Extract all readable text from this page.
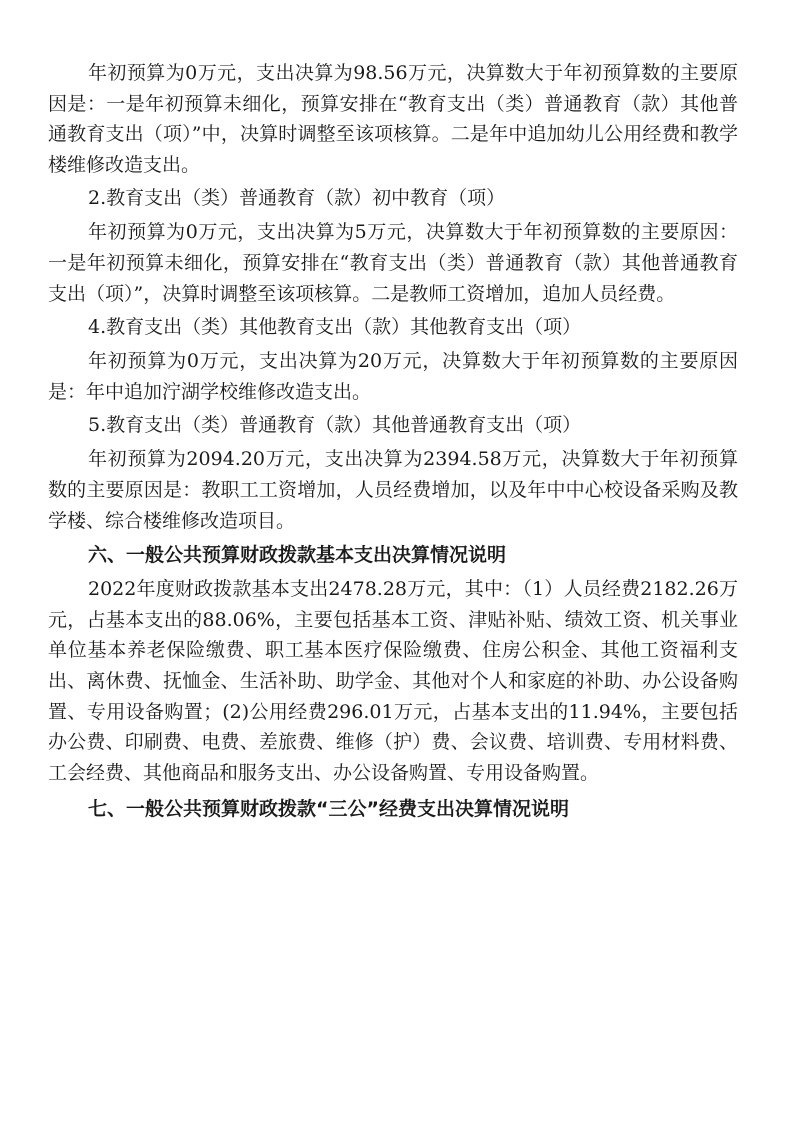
年初预算为0万元，支出决算为98.56万元，决算数大于年初预算数的主要原因是：一是年初预算未细化，预算安排在“教育支出（类）普通教育（款）其他普通教育支出（项）”中，决算时调整至该项核算。二是年中追加幼儿公用经费和教学楼维修改造支出。

2.教育支出（类）普通教育（款）初中教育（项）

年初预算为0万元，支出决算为5万元，决算数大于年初预算数的主要原因：一是年初预算未细化，预算安排在“教育支出（类）普通教育（款）其他普通教育支出（项）”，决算时调整至该项核算。二是教师工资增加，追加人员经费。

4.教育支出（类）其他教育支出（款）其他教育支出（项）

年初预算为0万元，支出决算为20万元，决算数大于年初预算数的主要原因是：年中追加泞湖学校维修改造支出。

5.教育支出（类）普通教育（款）其他普通教育支出（项）

年初预算为2094.20万元，支出决算为2394.58万元，决算数大于年初预算数的主要原因是：教职工工资增加，人员经费增加，以及年中中心校设备采购及教学楼、综合楼维修改造项目。

六、一般公共预算财政拨款基本支出决算情况说明

2022年度财政拨款基本支出2478.28万元，其中：（1）人员经费2182.26万元，占基本支出的88.06%，主要包括基本工资、津贴补贴、绩效工资、机关事业单位基本养老保险缴费、职工基本医疗保险缴费、住房公积金、其他工资福利支出、离休费、抚恤金、生活补助、助学金、其他对个人和家庭的补助、办公设备购置、专用设备购置；(2)公用经费296.01万元，占基本支出的11.94%，主要包括办公费、印刷费、电费、差旅费、维修（护）费、会议费、培训费、专用材料费、工会经费、其他商品和服务支出、办公设备购置、专用设备购置。

七、一般公共预算财政拨款“三公”经费支出决算情况说明
